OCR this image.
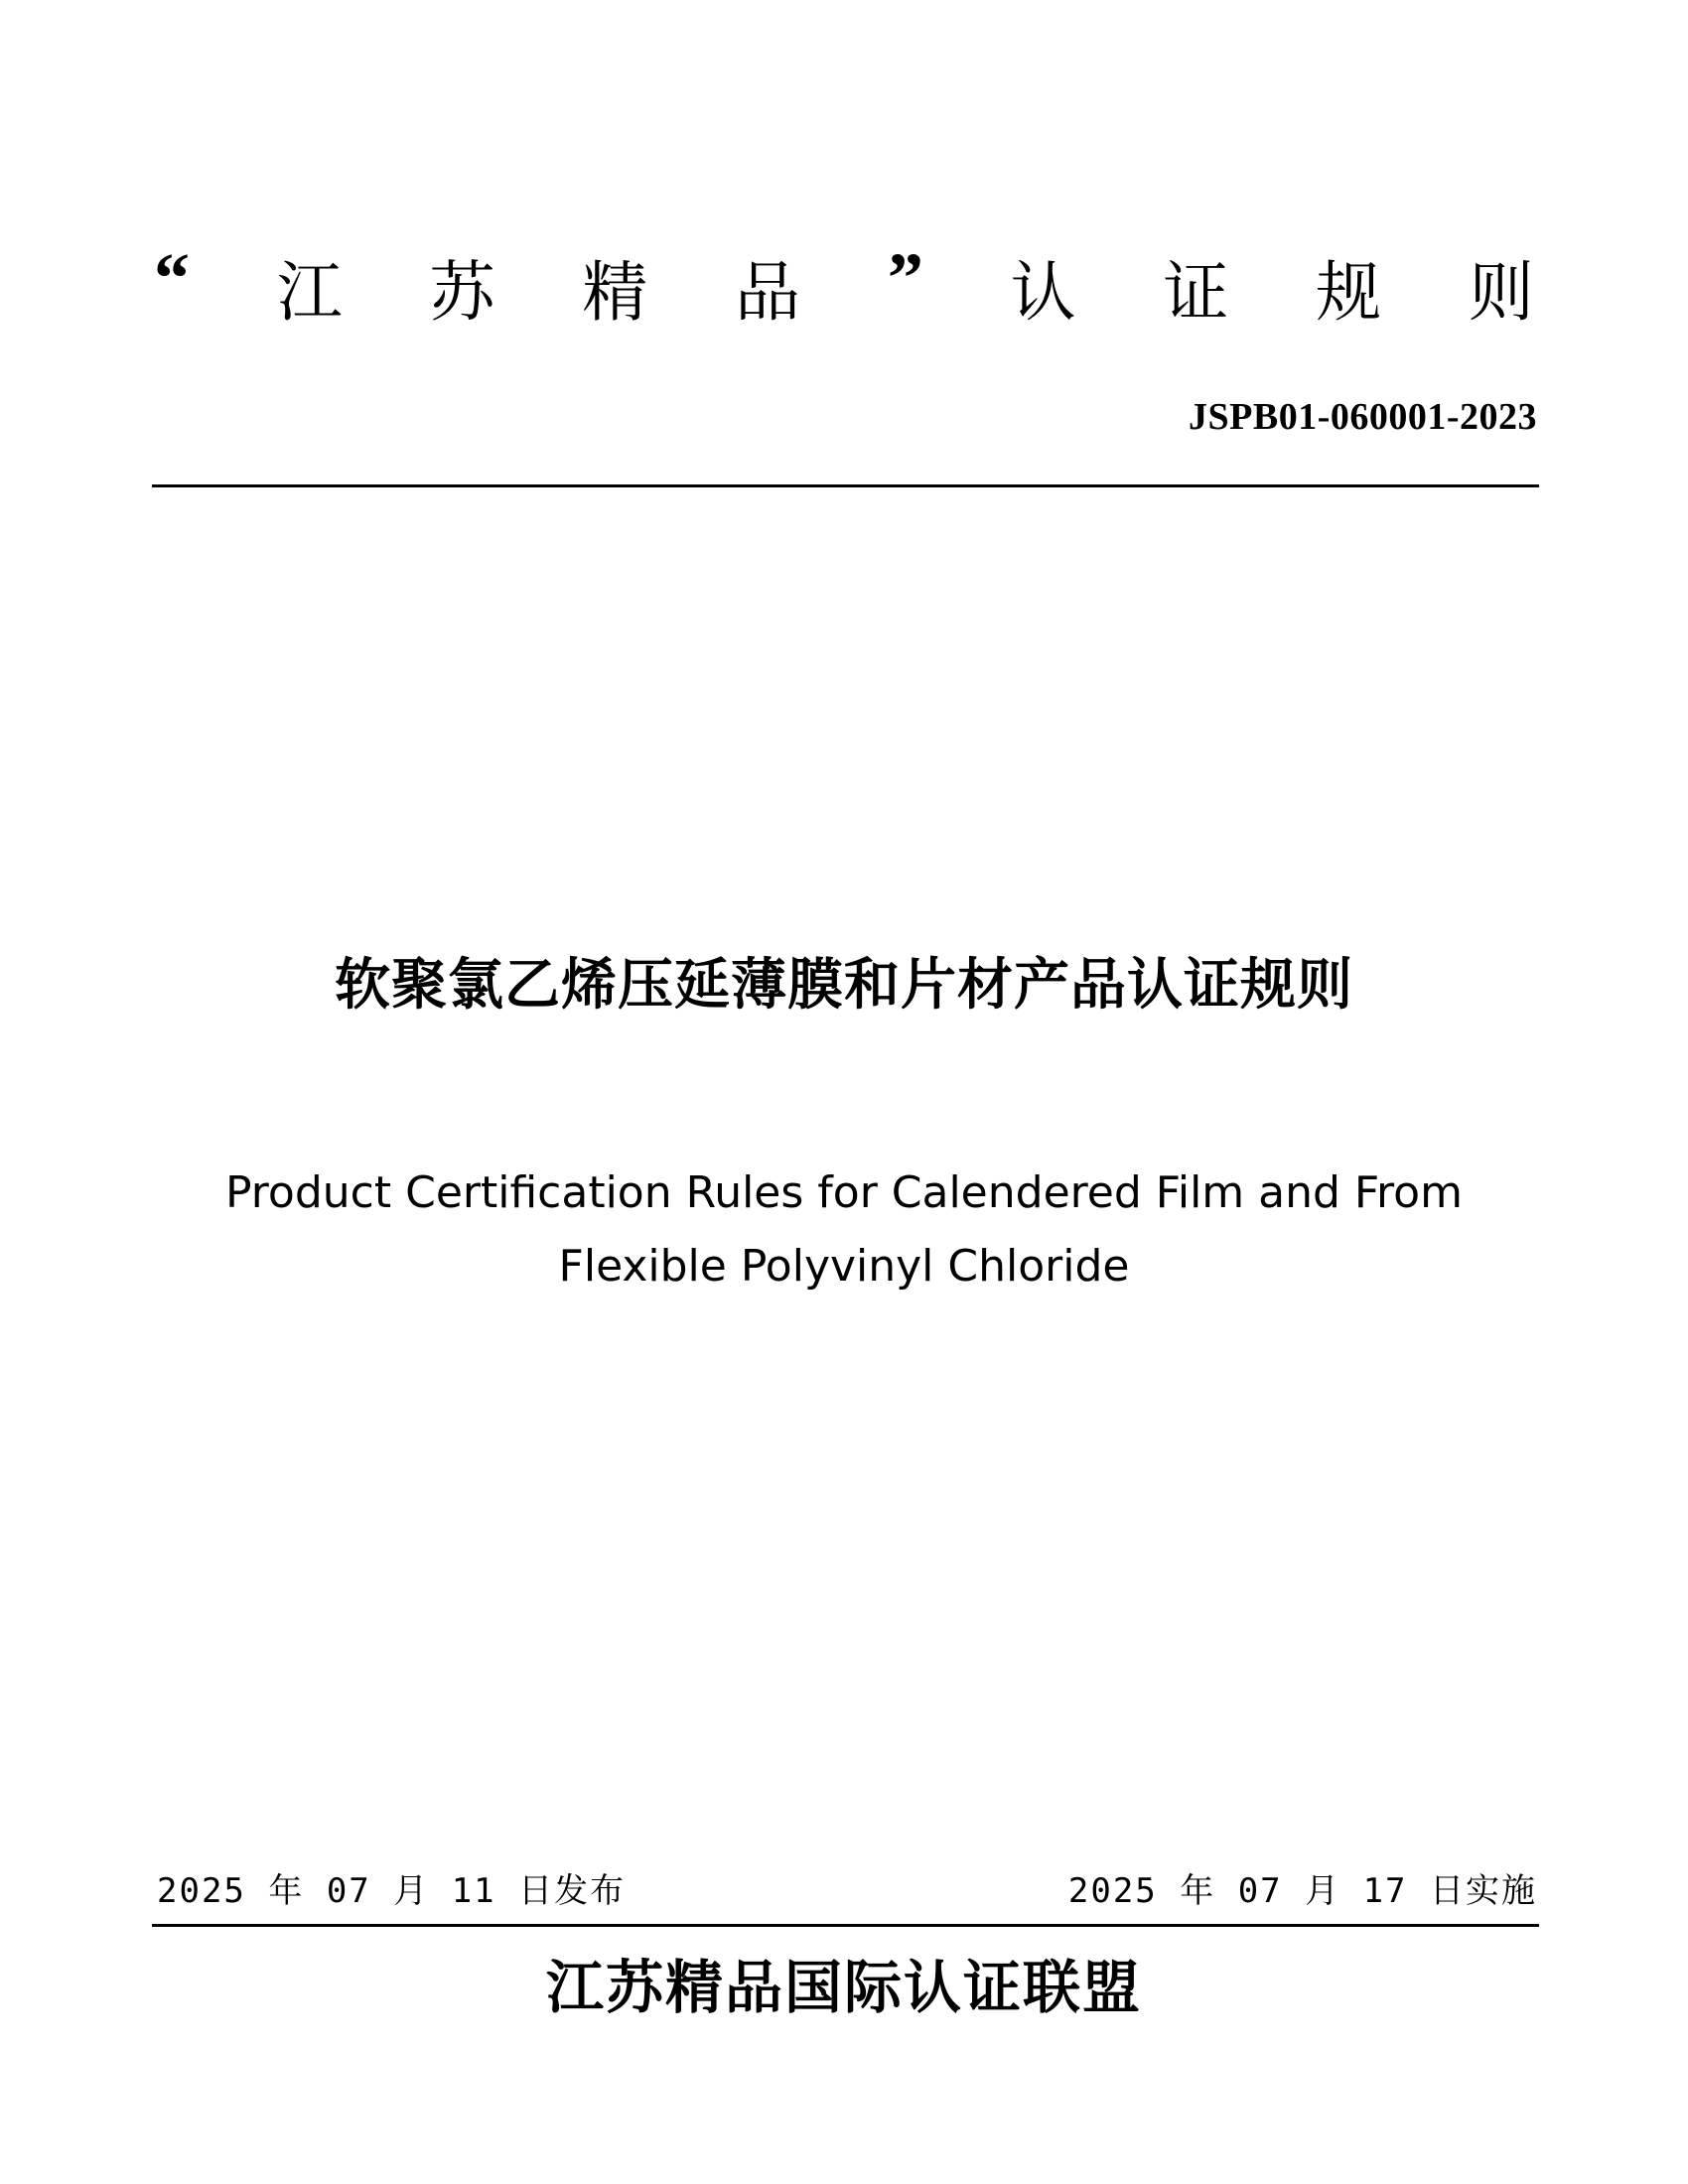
“ 江 苏 精 品 ” 认 证 规 则
JSPB01-060001-2023
软聚氯乙烯压延薄膜和片材产品认证规则
Product Certification Rules for Calendered Film and From
Flexible Polyvinyl Chloride
2025 年 07 月 11 日发布	2025 年 07 月 17 日实施
江苏精品国际认证联盟
